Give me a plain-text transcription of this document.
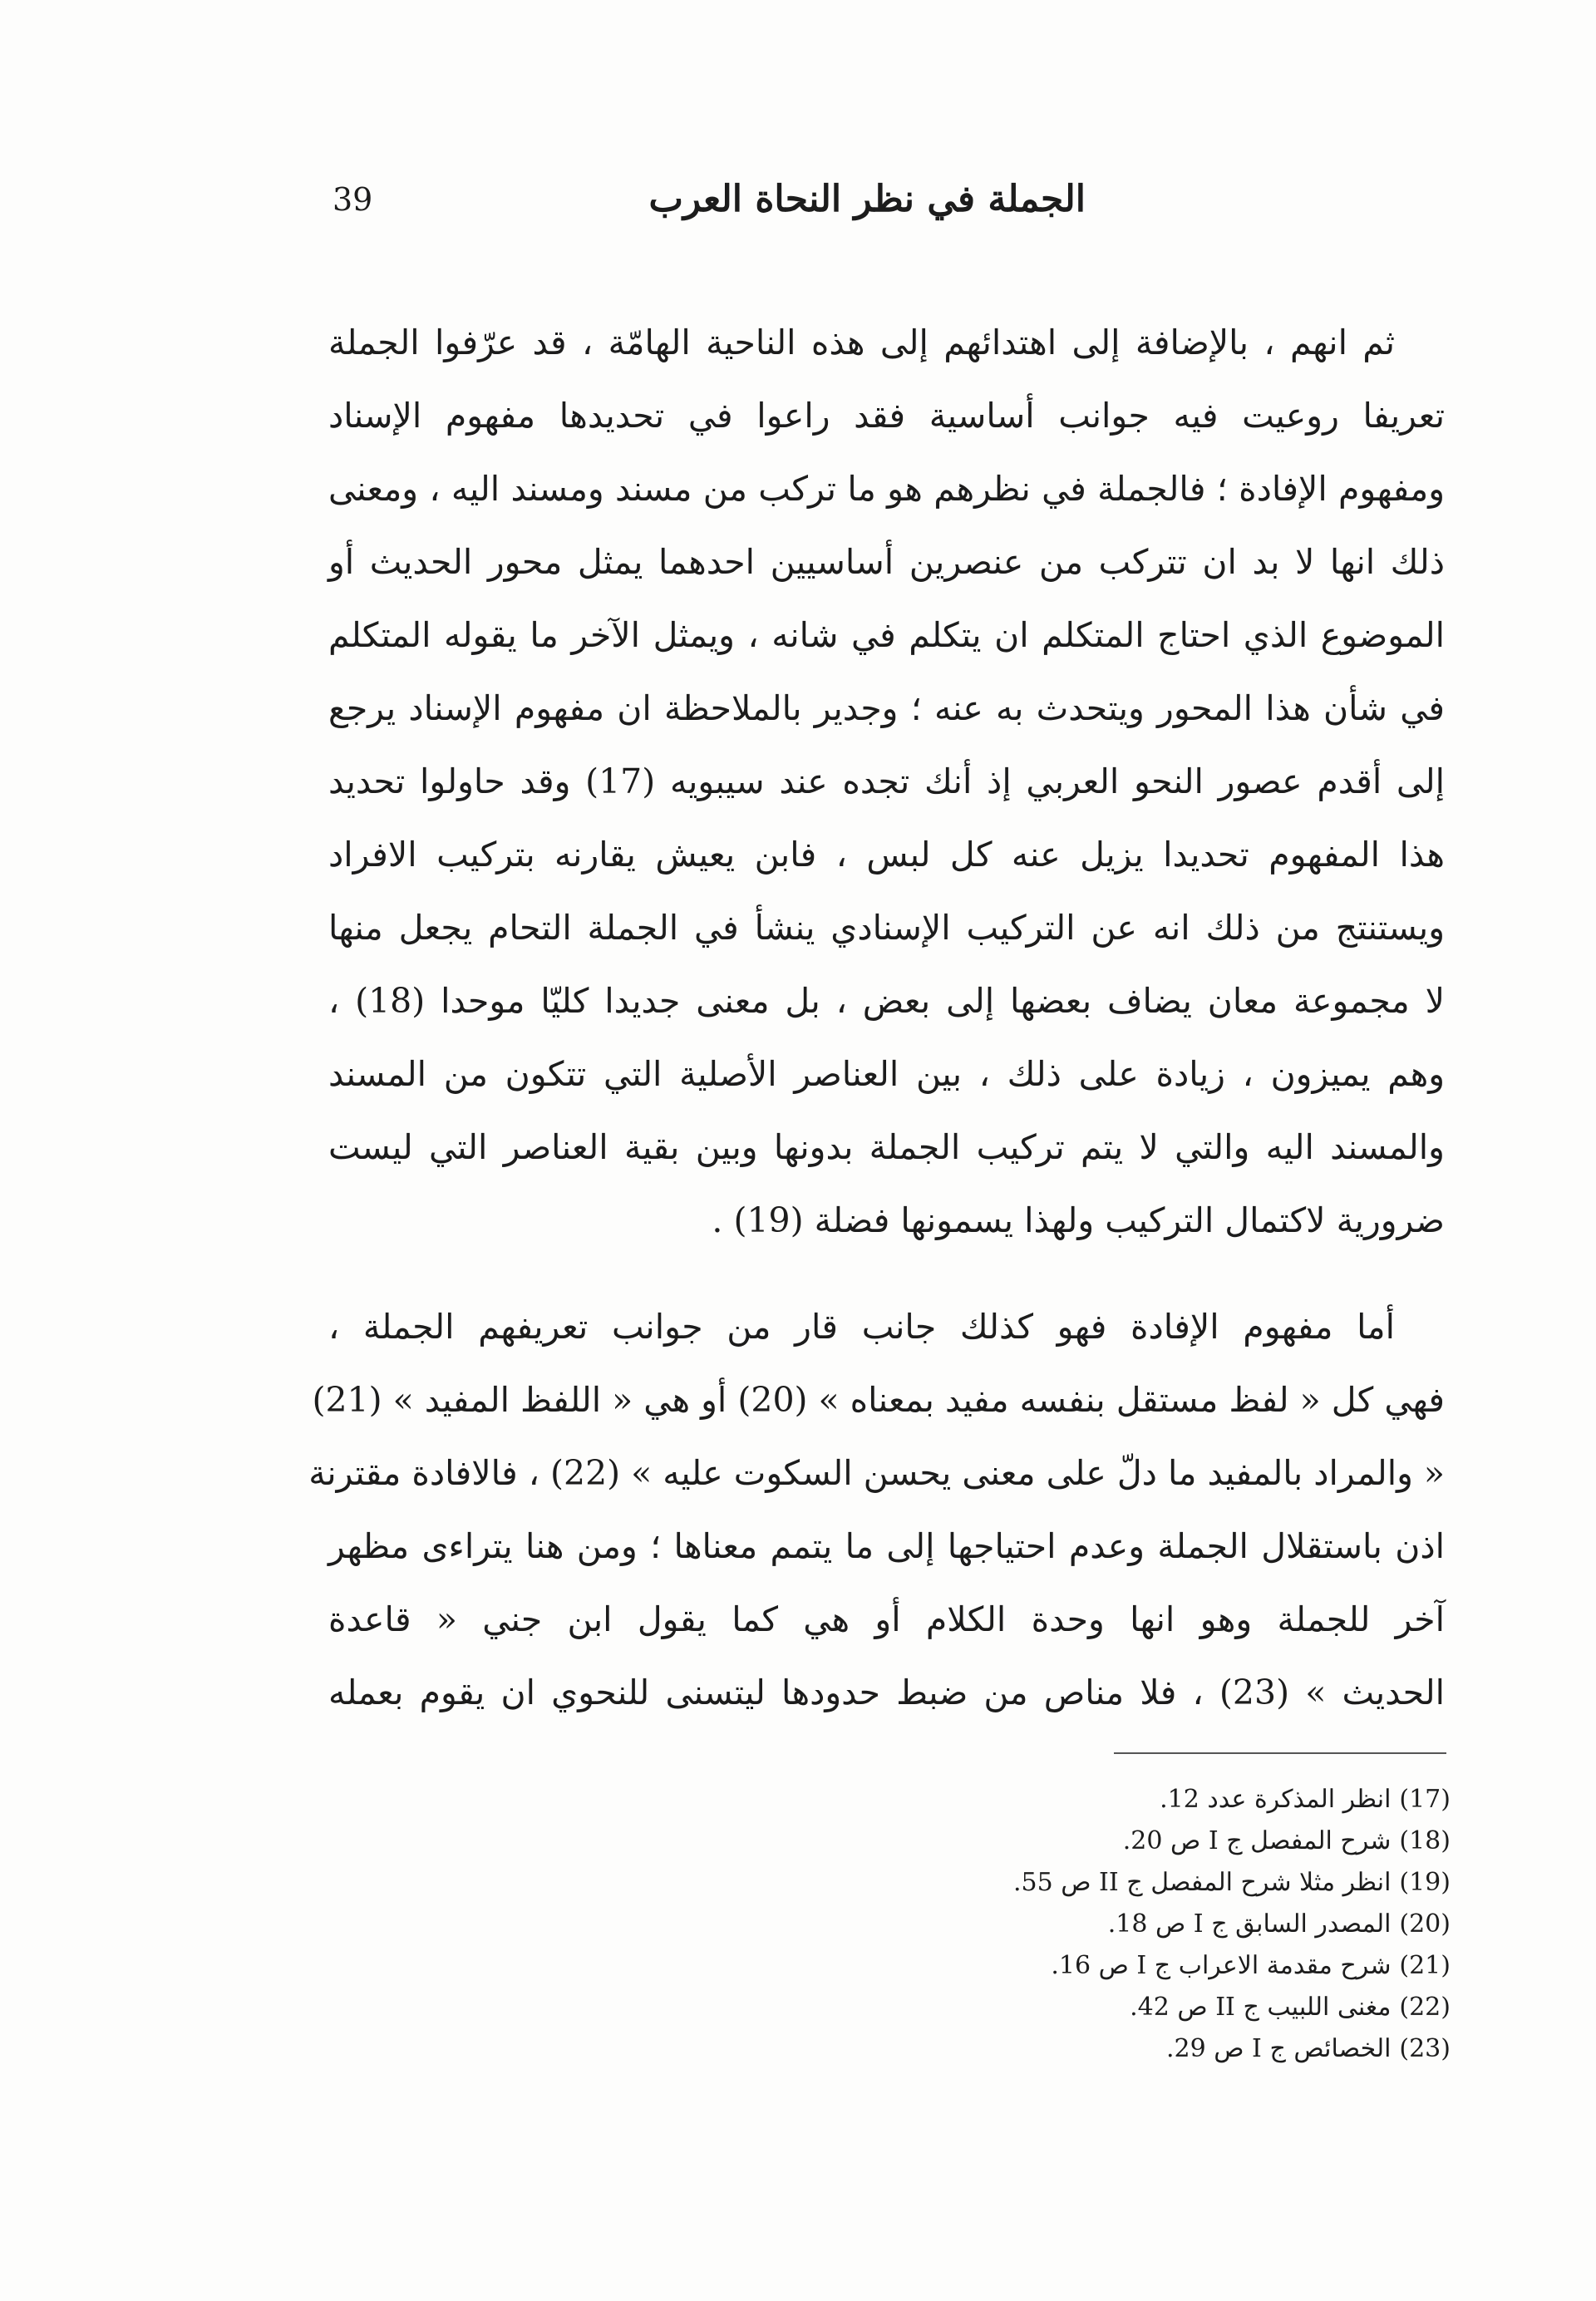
39	الجملة في نظر النحاة العرب
ثم انهم ، بالإضافة إلى اهتدائهم إلى هذه الناحية الهامّة ، قد عرّفوا الجملة
تعريفا روعيت فيه جوانب أساسية فقد راعوا في تحديدها مفهوم الإسناد
ومفهوم الإفادة ؛ فالجملة في نظرهم هو ما تركب من مسند ومسند اليه ، ومعنى
ذلك انها لا بد ان تتركب من عنصرين أساسيين احدهما يمثل محور الحديث أو
الموضوع الذي احتاج المتكلم ان يتكلم في شانه ، ويمثل الآخر ما يقوله المتكلم
في شأن هذا المحور ويتحدث به عنه ؛ وجدير بالملاحظة ان مفهوم الإسناد يرجع
إلى أقدم عصور النحو العربي إذ أنك تجده عند سيبويه (17) وقد حاولوا تحديد
هذا المفهوم تحديدا يزيل عنه كل لبس ، فابن يعيش يقارنه بتركيب الافراد
ويستنتج من ذلك انه عن التركيب الإسنادي ينشأ في الجملة التحام يجعل منها
لا مجموعة معان يضاف بعضها إلى بعض ، بل معنى جديدا كليّا موحدا (18) ،
وهم يميزون ، زيادة على ذلك ، بين العناصر الأصلية التي تتكون من المسند
والمسند اليه والتي لا يتم تركيب الجملة بدونها وبين بقية العناصر التي ليست
ضرورية لاكتمال التركيب ولهذا يسمونها فضلة (19) .
أما مفهوم الإفادة فهو كذلك جانب قار من جوانب تعريفهم الجملة ،
فهي كل « لفظ مستقل بنفسه مفيد بمعناه » (20) أو هي « اللفظ المفيد » (21)
« والمراد بالمفيد ما دلّ على معنى يحسن السكوت عليه » (22) ، فالافادة مقترنة
اذن باستقلال الجملة وعدم احتياجها إلى ما يتمم معناها ؛ ومن هنا يتراءى مظهر
آخر للجملة وهو انها وحدة الكلام أو هي كما يقول ابن جني « قاعدة
الحديث » (23) ، فلا مناص من ضبط حدودها ليتسنى للنحوي ان يقوم بعمله
(17) انظر المذكرة عدد 12.
(18) شرح المفصل ج I ص 20.
(19) انظر مثلا شرح المفصل ج II ص 55.
(20) المصدر السابق ج I ص 18.
(21) شرح مقدمة الاعراب ج I ص 16.
(22) مغنى اللبيب ج II ص 42.
(23) الخصائص ج I ص 29.
